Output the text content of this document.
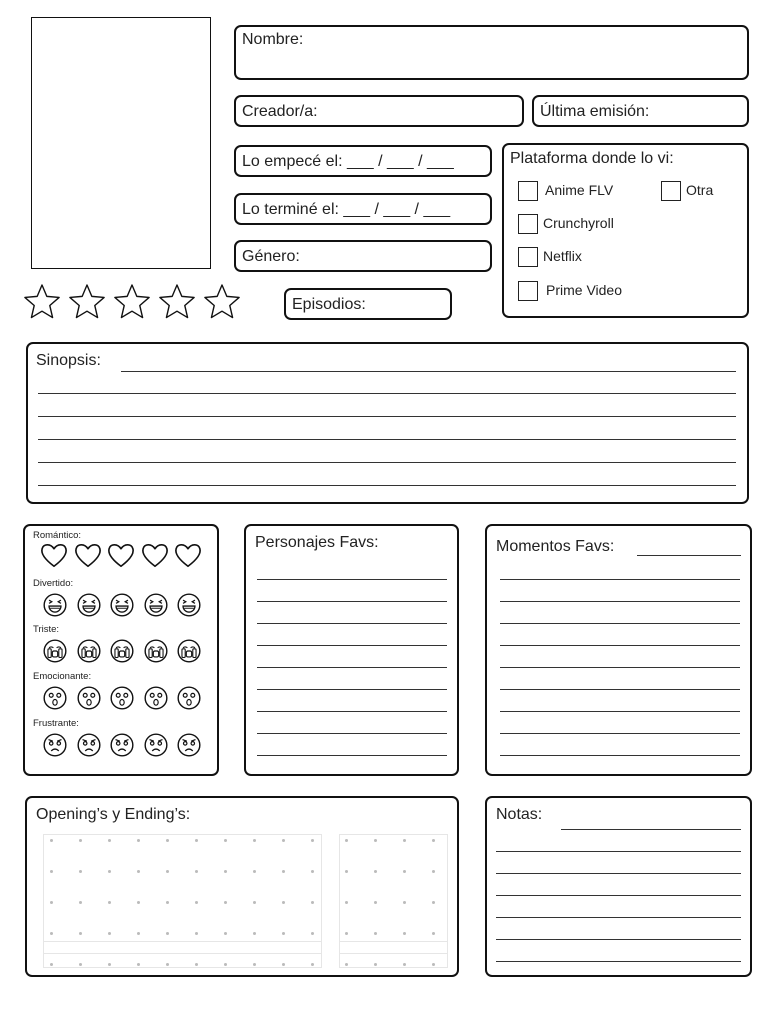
Nombre:
Creador/a:	Última emisión:
Lo empecé el: ___ / ___ / ___
Lo terminé el: ___ / ___ / ___
Género:
Episodios:
Plataforma donde lo vi:
Anime FLV	Otra
Crunchyroll
Netflix
Prime Video
Sinopsis:
Romántico:
Divertido:
Triste:
Emocionante:
Frustrante:
Personajes Favs:	Momentos Favs:
Opening’s y Ending’s:	Notas:
